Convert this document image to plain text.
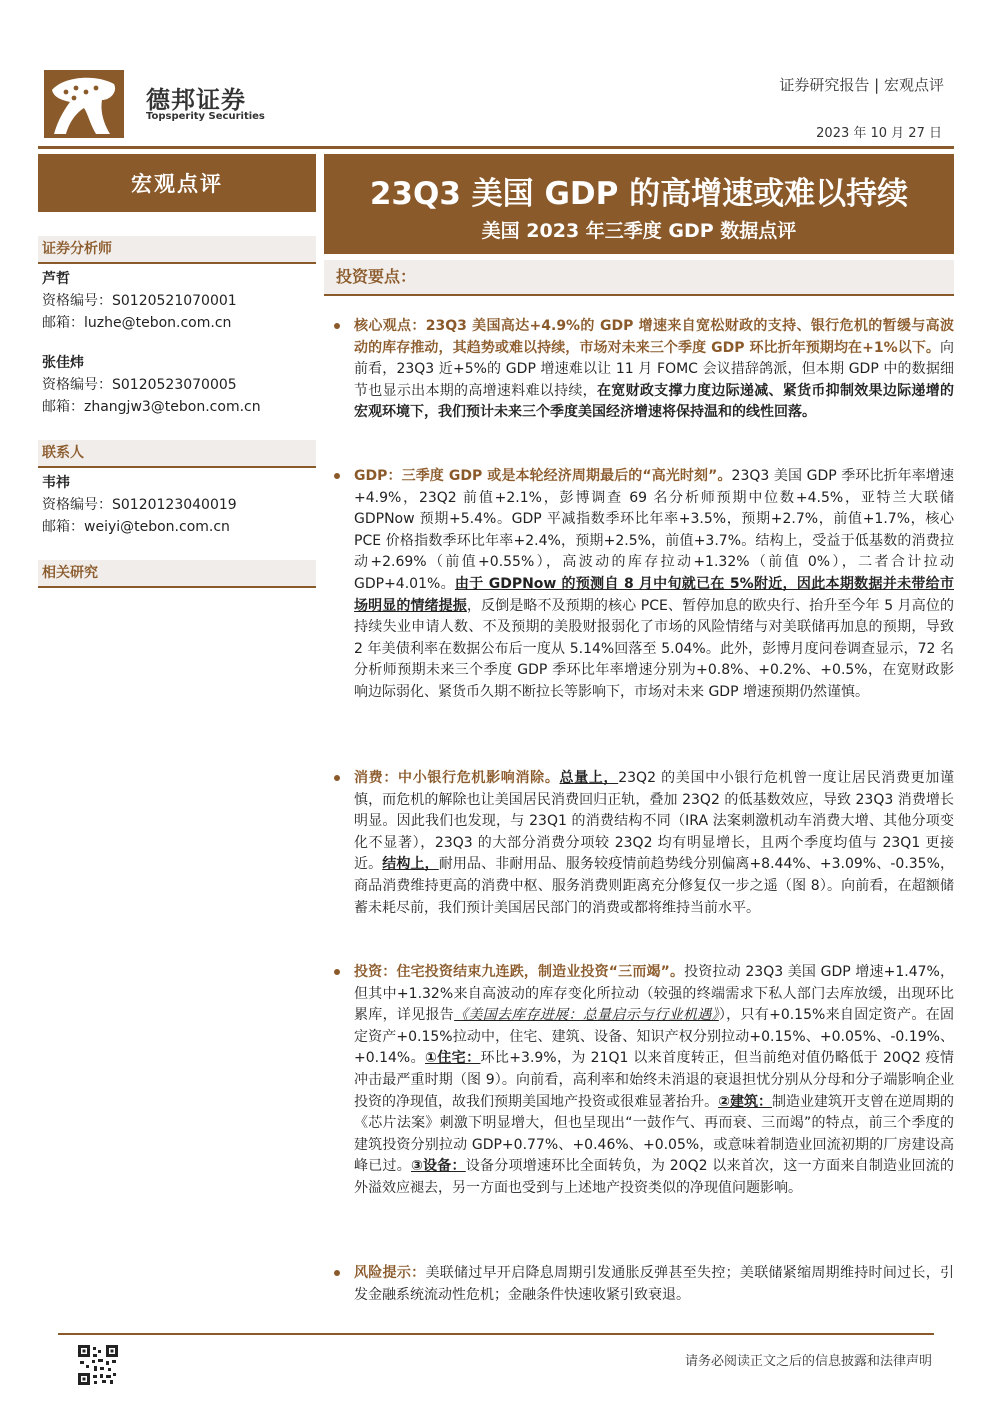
德邦证券
Topsperity Securities
证券研究报告 | 宏观点评
2023 年 10 月 27 日
宏观点评
证券分析师
芦哲
资格编号：S0120521070001
邮箱：luzhe@tebon.com.cn
张佳炜
资格编号：S0120523070005
邮箱：zhangjw3@tebon.com.cn
联系人
韦祎
资格编号：S0120123040019
邮箱：weiyi@tebon.com.cn
相关研究
23Q3 美国 GDP 的高增速或难以持续
美国 2023 年三季度 GDP 数据点评
投资要点：
核心观点：23Q3 美国高达+4.9%的 GDP 增速来自宽松财政的支持、银行危机的暂缓与高波动的库存推动，其趋势或难以持续，市场对未来三个季度 GDP 环比折年预期均在+1%以下。向前看，23Q3 近+5%的 GDP 增速难以让 11 月 FOMC 会议措辞鸽派，但本期 GDP 中的数据细节也显示出本期的高增速料难以持续，在宽财政支撑力度边际递减、紧货币抑制效果边际递增的宏观环境下，我们预计未来三个季度美国经济增速将保持温和的线性回落。
GDP：三季度 GDP 或是本轮经济周期最后的“高光时刻”。23Q3 美国 GDP 季环比折年率增速+4.9%，23Q2 前值+2.1%，彭博调查 69 名分析师预期中位数+4.5%，亚特兰大联储 GDPNow 预期+5.4%。GDP 平减指数季环比年率+3.5%，预期+2.7%，前值+1.7%，核心 PCE 价格指数季环比年率+2.4%，预期+2.5%，前值+3.7%。结构上，受益于低基数的消费拉动+2.69%（前值+0.55%），高波动的库存拉动+1.32%（前值 0%），二者合计拉动 GDP+4.01%。由于 GDPNow 的预测自 8 月中旬就已在 5%附近，因此本期数据并未带给市场明显的情绪提振，反倒是略不及预期的核心 PCE、暂停加息的欧央行、抬升至今年 5 月高位的持续失业申请人数、不及预期的美股财报弱化了市场的风险情绪与对美联储再加息的预期，导致 2 年美债利率在数据公布后一度从 5.14%回落至 5.04%。此外，彭博月度问卷调查显示，72 名分析师预期未来三个季度 GDP 季环比年率增速分别为+0.8%、+0.2%、+0.5%，在宽财政影响边际弱化、紧货币久期不断拉长等影响下，市场对未来 GDP 增速预期仍然谨慎。
消费：中小银行危机影响消除。总量上，23Q2 的美国中小银行危机曾一度让居民消费更加谨慎，而危机的解除也让美国居民消费回归正轨，叠加 23Q2 的低基数效应，导致 23Q3 消费增长明显。因此我们也发现，与 23Q1 的消费结构不同（IRA 法案刺激机动车消费大增、其他分项变化不显著），23Q3 的大部分消费分项较 23Q2 均有明显增长，且两个季度均值与 23Q1 更接近。结构上，耐用品、非耐用品、服务较疫情前趋势线分别偏离+8.44%、+3.09%、-0.35%，商品消费维持更高的消费中枢、服务消费则距离充分修复仅一步之遥（图 8）。向前看，在超额储蓄未耗尽前，我们预计美国居民部门的消费或都将维持当前水平。
投资：住宅投资结束九连跌，制造业投资“三而竭”。投资拉动 23Q3 美国 GDP 增速+1.47%，但其中+1.32%来自高波动的库存变化所拉动（较强的终端需求下私人部门去库放缓，出现环比累库，详见报告《美国去库存进展：总量启示与行业机遇》），只有+0.15%来自固定资产。在固定资产+0.15%拉动中，住宅、建筑、设备、知识产权分别拉动+0.15%、+0.05%、-0.19%、+0.14%。①住宅：环比+3.9%，为 21Q1 以来首度转正，但当前绝对值仍略低于 20Q2 疫情冲击最严重时期（图 9）。向前看，高利率和始终未消退的衰退担忧分别从分母和分子端影响企业投资的净现值，故我们预期美国地产投资或很难显著抬升。②建筑：制造业建筑开支曾在逆周期的《芯片法案》刺激下明显增大，但也呈现出“一鼓作气、再而衰、三而竭”的特点，前三个季度的建筑投资分别拉动 GDP+0.77%、+0.46%、+0.05%，或意味着制造业回流初期的厂房建设高峰已过。③设备：设备分项增速环比全面转负，为 20Q2 以来首次，这一方面来自制造业回流的外溢效应褪去，另一方面也受到与上述地产投资类似的净现值问题影响。
风险提示：美联储过早开启降息周期引发通胀反弹甚至失控；美联储紧缩周期维持时间过长，引发金融系统流动性危机；金融条件快速收紧引致衰退。
请务必阅读正文之后的信息披露和法律声明
